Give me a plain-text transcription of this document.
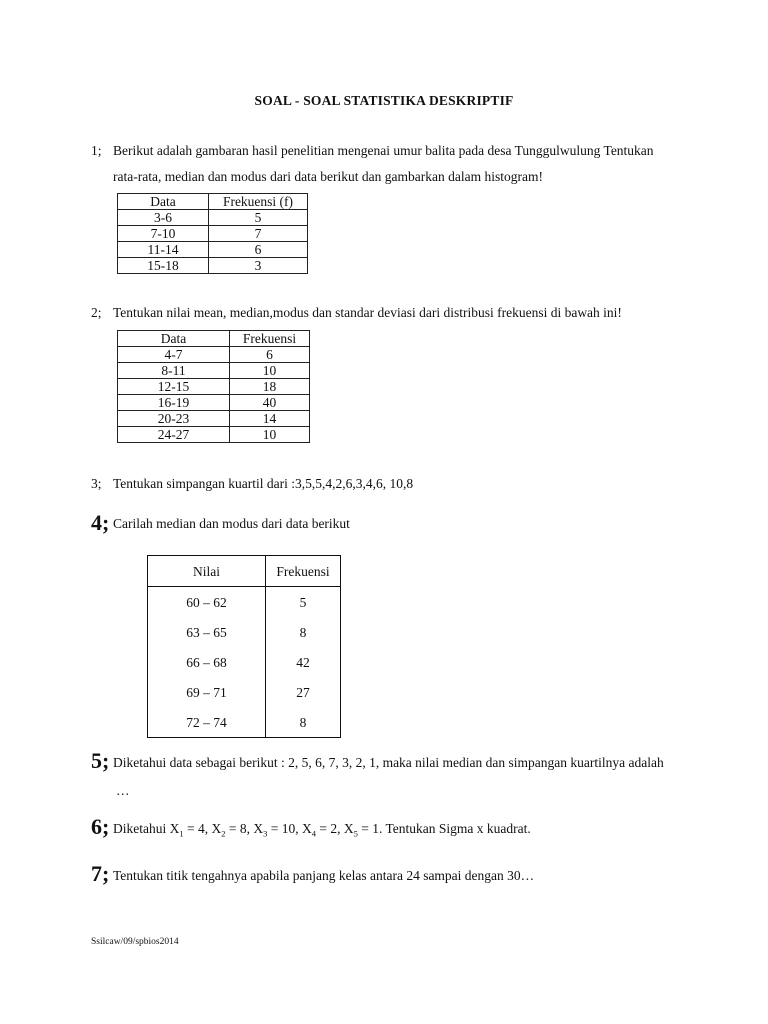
SOAL - SOAL STATISTIKA DESKRIPTIF
1; Berikut adalah gambaran hasil penelitian mengenai umur balita pada desa Tunggulwulung Tentukan
rata-rata, median dan modus dari data berikut dan gambarkan dalam histogram!
Data	Frekuensi (f)
3-6	5
7-10	7
11-14	6
15-18	3
2; Tentukan nilai mean, median,modus dan standar deviasi dari distribusi frekuensi di bawah ini!
Data	Frekuensi
4-7	6
8-11	10
12-15	18
16-19	40
20-23	14
24-27	10
3; Tentukan simpangan kuartil dari :3,5,5,4,2,6,3,4,6, 10,8
4; Carilah median dan modus dari data berikut
Nilai	Frekuensi
60 – 62	5
63 – 65	8
66 – 68	42
69 – 71	27
72 – 74	8
5; Diketahui data sebagai berikut : 2, 5, 6, 7, 3, 2, 1, maka nilai median dan simpangan kuartilnya adalah
…
6; Diketahui $X_1 = 4$, $X_2 = 8$, $X_3 = 10$, $X_4 = 2$, $X_5 = 1$. Tentukan Sigma x kuadrat.
7; Tentukan titik tengahnya apabila panjang kelas antara 24 sampai dengan 30…
Ssilcaw/09/spbios2014
